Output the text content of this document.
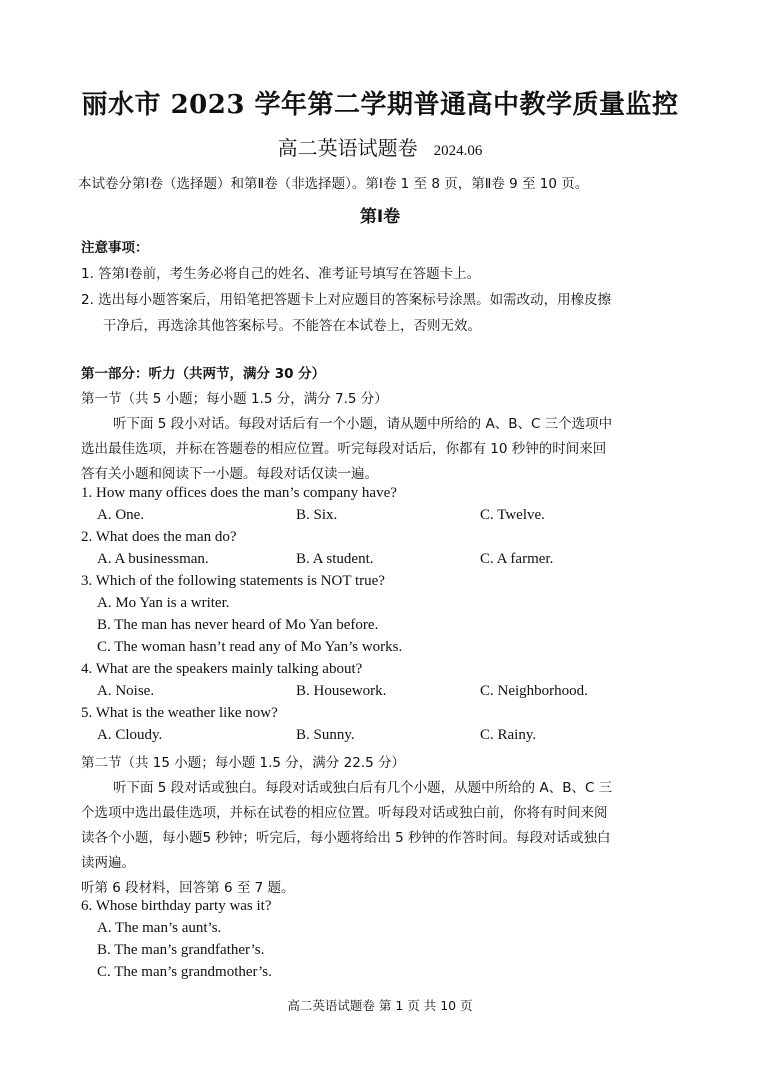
丽水市 2023 学年第二学期普通高中教学质量监控
高二英语试题卷 2024.06
本试卷分第Ⅰ卷（选择题）和第Ⅱ卷（非选择题）。第Ⅰ卷 1 至 8 页，第Ⅱ卷 9 至 10 页。
第Ⅰ卷
注意事项：
1. 答第Ⅰ卷前，考生务必将自己的姓名、准考证号填写在答题卡上。
2. 选出每小题答案后，用铅笔把答题卡上对应题目的答案标号涂黑。如需改动，用橡皮擦
干净后，再选涂其他答案标号。不能答在本试卷上，否则无效。
第一部分：听力（共两节，满分 30 分）
第一节（共 5 小题；每小题 1.5 分，满分 7.5 分）
听下面 5 段小对话。每段对话后有一个小题，请从题中所给的 A、B、C 三个选项中
选出最佳选项，并标在答题卷的相应位置。听完每段对话后，你都有 10 秒钟的时间来回
答有关小题和阅读下一小题。每段对话仅读一遍。
1. How many offices does the man’s company have?
A. One.	B. Six.	C. Twelve.
2. What does the man do?
A. A businessman.	B. A student.	C. A farmer.
3. Which of the following statements is NOT true?
A. Mo Yan is a writer.
B. The man has never heard of Mo Yan before.
C. The woman hasn’t read any of Mo Yan’s works.
4. What are the speakers mainly talking about?
A. Noise.	B. Housework.	C. Neighborhood.
5. What is the weather like now?
A. Cloudy.	B. Sunny.	C. Rainy.
第二节（共 15 小题；每小题 1.5 分，满分 22.5 分）
听下面 5 段对话或独白。每段对话或独白后有几个小题，从题中所给的 A、B、C 三
个选项中选出最佳选项，并标在试卷的相应位置。听每段对话或独白前，你将有时间来阅
读各个小题，每小题5 秒钟；听完后，每小题将给出 5 秒钟的作答时间。每段对话或独白
读两遍。
听第 6 段材料，回答第 6 至 7 题。
6. Whose birthday party was it?
A. The man’s aunt’s.
B. The man’s grandfather’s.
C. The man’s grandmother’s.
高二英语试题卷 第 1 页 共 10 页
